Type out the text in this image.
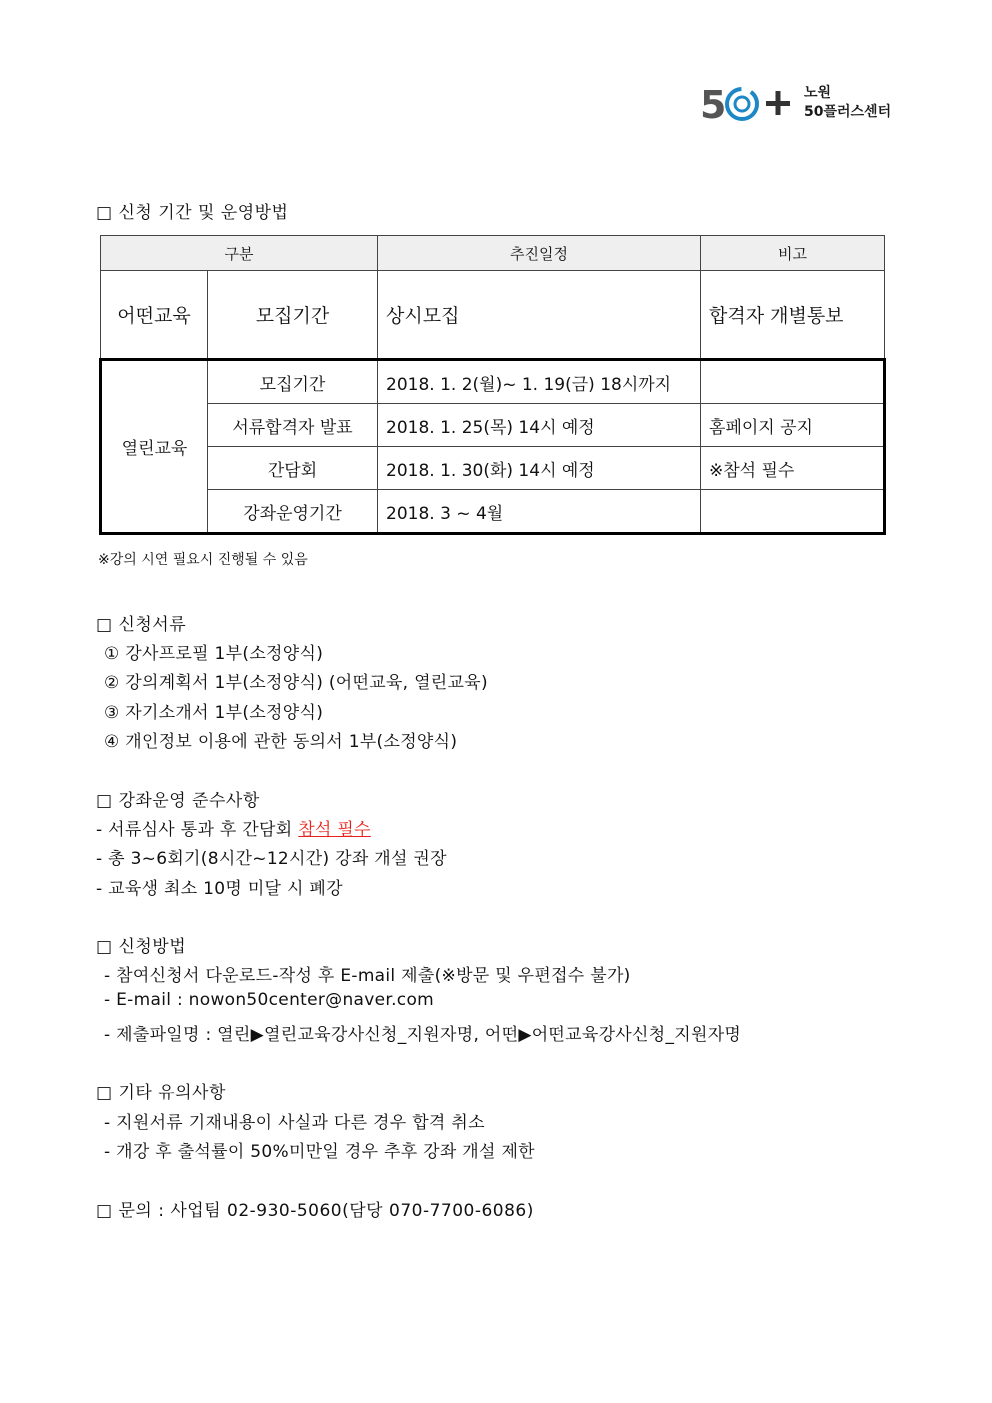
5	노원
50플러스센터
□ 신청 기간 및 운영방법
구분		추진일정	비고
어떤교육	모집기간	상시모집	합격자 개별통보
열린교육	모집기간	2018. 1. 2(월)~ 1. 19(금) 18시까지	
	서류합격자 발표	2018. 1. 25(목) 14시 예정	홈페이지 공지
	간담회	2018. 1. 30(화) 14시 예정	※참석 필수
	강좌운영기간	2018. 3 ~ 4월	
※강의 시연 필요시 진행될 수 있음
□ 신청서류
① 강사프로필 1부(소정양식)
② 강의계획서 1부(소정양식) (어떤교육, 열린교육)
③ 자기소개서 1부(소정양식)
④ 개인정보 이용에 관한 동의서 1부(소정양식)
□ 강좌운영 준수사항
- 서류심사 통과 후 간담회 참석 필수
- 총 3~6회기(8시간~12시간) 강좌 개설 권장
- 교육생 최소 10명 미달 시 폐강
□ 신청방법
- 참여신청서 다운로드-작성 후 E-mail 제출(※방문 및 우편접수 불가)
- E-mail : nowon50center@naver.com
- 제출파일명 : 열린▶열린교육강사신청_지원자명, 어떤▶어떤교육강사신청_지원자명
□ 기타 유의사항
- 지원서류 기재내용이 사실과 다른 경우 합격 취소
- 개강 후 출석률이 50%미만일 경우 추후 강좌 개설 제한
□ 문의 : 사업팀 02-930-5060(담당 070-7700-6086)
